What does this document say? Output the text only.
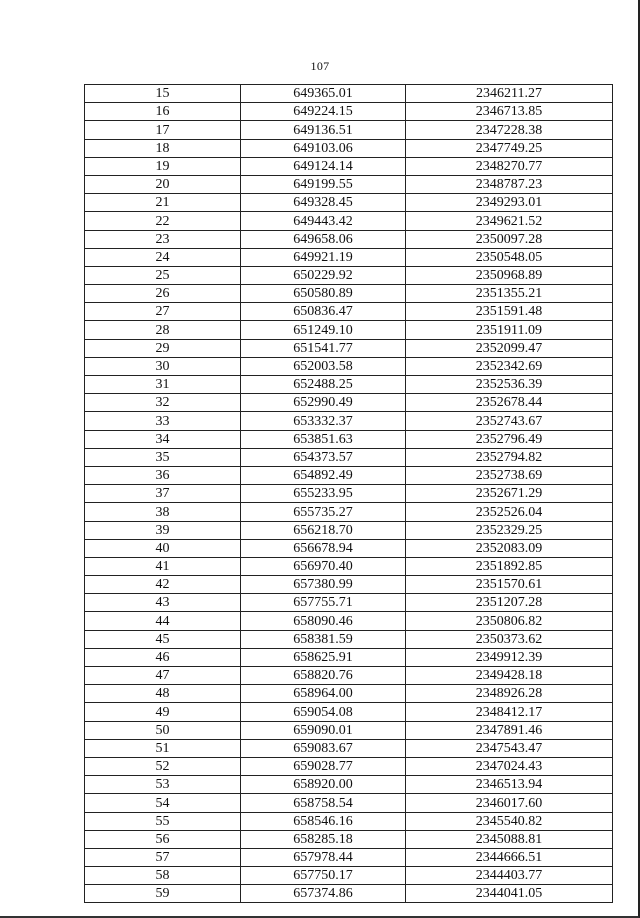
107
15	649365.01	2346211.27
16	649224.15	2346713.85
17	649136.51	2347228.38
18	649103.06	2347749.25
19	649124.14	2348270.77
20	649199.55	2348787.23
21	649328.45	2349293.01
22	649443.42	2349621.52
23	649658.06	2350097.28
24	649921.19	2350548.05
25	650229.92	2350968.89
26	650580.89	2351355.21
27	650836.47	2351591.48
28	651249.10	2351911.09
29	651541.77	2352099.47
30	652003.58	2352342.69
31	652488.25	2352536.39
32	652990.49	2352678.44
33	653332.37	2352743.67
34	653851.63	2352796.49
35	654373.57	2352794.82
36	654892.49	2352738.69
37	655233.95	2352671.29
38	655735.27	2352526.04
39	656218.70	2352329.25
40	656678.94	2352083.09
41	656970.40	2351892.85
42	657380.99	2351570.61
43	657755.71	2351207.28
44	658090.46	2350806.82
45	658381.59	2350373.62
46	658625.91	2349912.39
47	658820.76	2349428.18
48	658964.00	2348926.28
49	659054.08	2348412.17
50	659090.01	2347891.46
51	659083.67	2347543.47
52	659028.77	2347024.43
53	658920.00	2346513.94
54	658758.54	2346017.60
55	658546.16	2345540.82
56	658285.18	2345088.81
57	657978.44	2344666.51
58	657750.17	2344403.77
59	657374.86	2344041.05
